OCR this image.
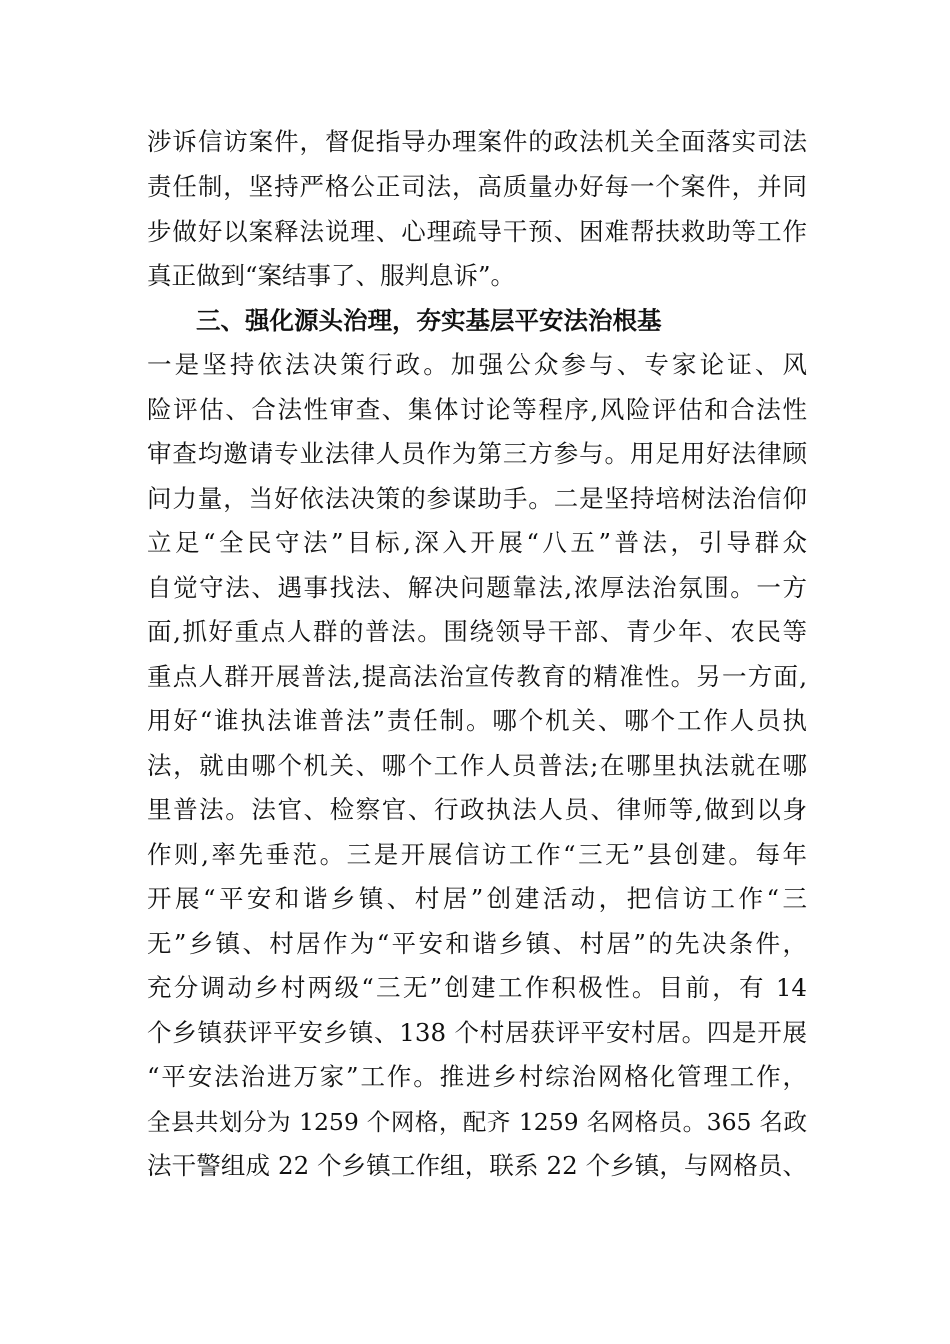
涉诉信访案件，督促指导办理案件的政法机关全面落实司法
责任制，坚持严格公正司法，高质量办好每一个案件，并同
步做好以案释法说理、心理疏导干预、困难帮扶救助等工作
真正做到“案结事了、服判息诉”。
三、强化源头治理，夯实基层平安法治根基
一是坚持依法决策行政。加强公众参与、专家论证、风
险评估、合法性审查、集体讨论等程序,风险评估和合法性
审查均邀请专业法律人员作为第三方参与。用足用好法律顾
问力量，当好依法决策的参谋助手。二是坚持培树法治信仰
立足“全民守法”目标,深入开展“八五”普法，引导群众
自觉守法、遇事找法、解决问题靠法,浓厚法治氛围。一方
面,抓好重点人群的普法。围绕领导干部、青少年、农民等
重点人群开展普法,提高法治宣传教育的精准性。另一方面,
用好“谁执法谁普法”责任制。哪个机关、哪个工作人员执
法，就由哪个机关、哪个工作人员普法;在哪里执法就在哪
里普法。法官、检察官、行政执法人员、律师等,做到以身
作则,率先垂范。三是开展信访工作“三无”县创建。每年
开展“平安和谐乡镇、村居”创建活动，把信访工作“三
无”乡镇、村居作为“平安和谐乡镇、村居”的先决条件，
充分调动乡村两级“三无”创建工作积极性。目前，有 14
个乡镇获评平安乡镇、138 个村居获评平安村居。四是开展
“平安法治进万家”工作。推进乡村综治网格化管理工作，
全县共划分为 1259 个网格，配齐 1259 名网格员。365 名政
法干警组成 22 个乡镇工作组，联系 22 个乡镇，与网格员、
